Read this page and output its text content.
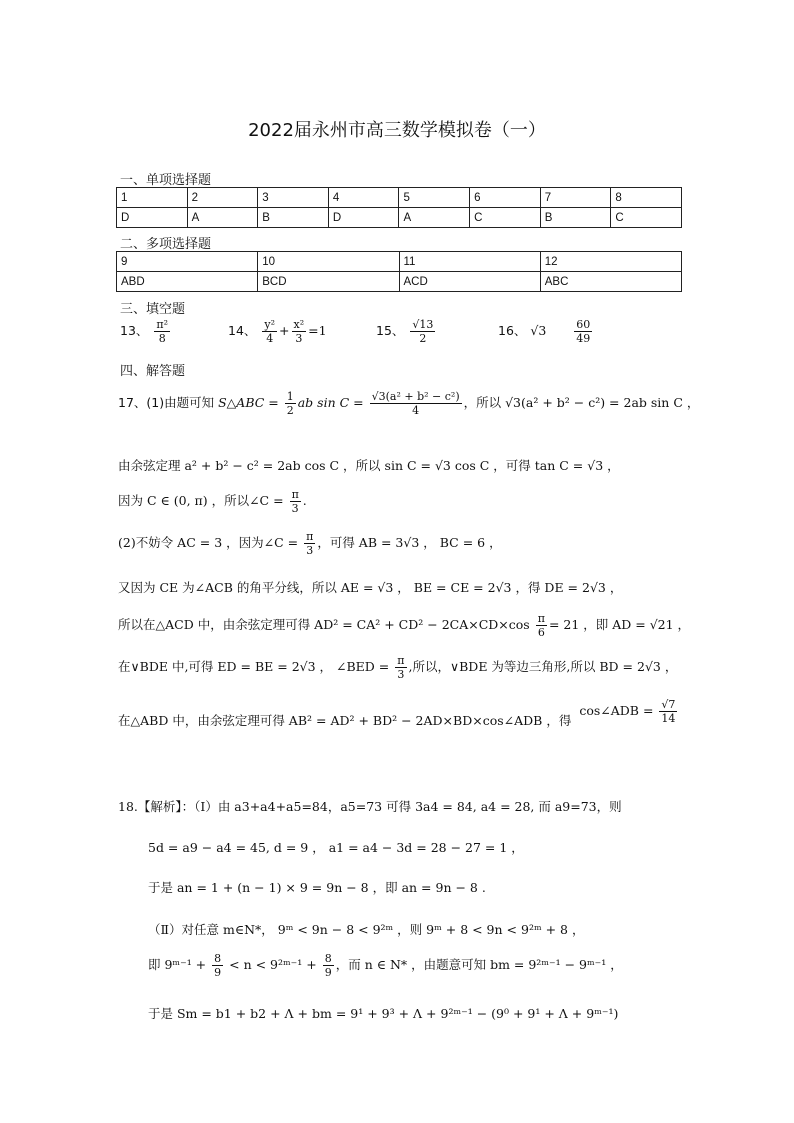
2022届永州市高三数学模拟卷（一）
一、单项选择题
1	2	3	4	5	6	7	8
D	A	B	D	A	C	B	C
二、多项选择题
9	10	11	12
ABD	BCD	ACD	ABC
三、填空题
13、 $\frac{\text{π²}}{8}$	14、 $\frac{\text{y²}}{4} + \frac{\text{x²}}{3} =1$	15、 $\frac{√13}{2}$	16、 √3	$\frac{60}{49}$
四、解答题
17、(1)由题可知 S△ABC = $\frac{1}{2}$ ab $\sin C = \frac{\text{√3(a² + b² − c²)}}{4}$ ，所以 √3(a² + b² − c²) = 2ab sin C ，
由余弦定理 a² + b² − c² = 2ab cos C ，所以 sin C = √3 cos C ，可得 tan C = √3 ，
因为 C ∈ (0, π) ，所以∠C = $\frac{\pi}{3}$ .
(2)不妨令 AC = 3 ，因为∠C = $\frac{\pi}{3}$ ，可得 AB = 3√3 ， BC = 6 ，
又因为 CE 为∠ACB 的角平分线，所以 AE = √3 ， BE = CE = 2√3 ，得 DE = 2√3 ，
所以在△ACD 中，由余弦定理可得 $AD^2 = CA^2 + CD^2 - 2CA\times CD\times\cos \frac{\pi}{6} = 21$ ，即 AD = √21 ，
在∨BDE 中,可得 ED = BE = 2√3 ， ∠BED = $\frac{\pi}{3}$ ,所以，∨BDE 为等边三角形,所以 BD = 2√3 ，
在△ABD 中，由余弦定理可得 AB² = AD² + BD² − 2AD×BD×cos∠ADB ，得 cos∠ADB = $\frac{√7}{14}$
18.【解析】：（Ⅰ）由 a3+a4+a5=84，a5=73 可得 3a4 = 84, a4 = 28, 而 a9=73，则
5d = a9 − a4 = 45, d = 9 ， a1 = a4 − 3d = 28 − 27 = 1 ，
于是 an = 1 + (n − 1) × 9 = 9n − 8 ，即 an = 9n − 8 .
（Ⅱ）对任意 m∈N*， 9ᵐ < 9n − 8 < 9²ᵐ ，则 9ᵐ + 8 < 9n < 9²ᵐ + 8 ，
即 9ᵐ⁻¹ + $\frac{8}{9} < n$ < 9²ᵐ⁻¹ + $\frac{8}{9}$ ，而 n ∈ N* ，由题意可知 bm = 9²ᵐ⁻¹ − 9ᵐ⁻¹ ，
于是 Sm = b1 + b2 + Λ + bm = 9¹ + 9³ + Λ + 9²ᵐ⁻¹ − (9⁰ + 9¹ + Λ + 9ᵐ⁻¹)
